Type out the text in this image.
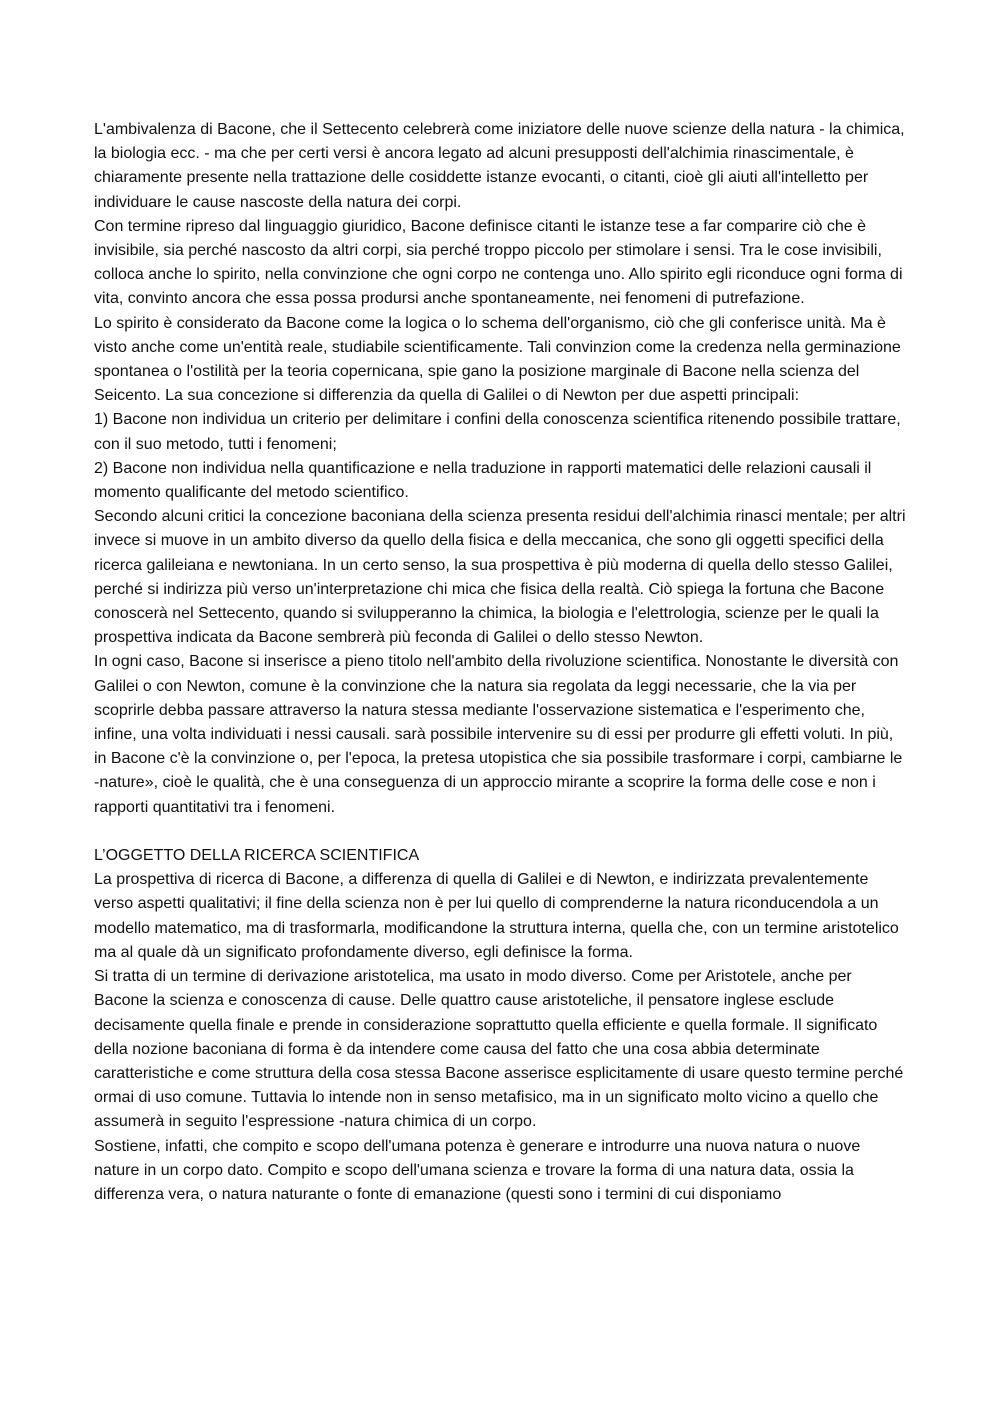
L'ambivalenza di Bacone, che il Settecento celebrerà come iniziatore delle nuove scienze della natura - la chimica, la biologia ecc. - ma che per certi versi è ancora legato ad alcuni presupposti dell'alchimia rinascimentale, è chiaramente presente nella trattazione delle cosiddette istanze evocanti, o citanti, cioè gli aiuti all'intelletto per individuare le cause nascoste della natura dei corpi.

Con termine ripreso dal linguaggio giuridico, Bacone definisce citanti le istanze tese a far comparire ciò che è invisibile, sia perché nascosto da altri corpi, sia perché troppo piccolo per stimolare i sensi. Tra le cose invisibili, colloca anche lo spirito, nella convinzione che ogni corpo ne contenga uno. Allo spirito egli riconduce ogni forma di vita, convinto ancora che essa possa prodursi anche spontaneamente, nei fenomeni di putrefazione.

Lo spirito è considerato da Bacone come la logica o lo schema dell'organismo, ciò che gli conferisce unità. Ma è visto anche come un'entità reale, studiabile scientificamente. Tali convinzion come la credenza nella germinazione spontanea o l'ostilità per la teoria copernicana, spie gano la posizione marginale di Bacone nella scienza del Seicento. La sua concezione si differenzia da quella di Galilei o di Newton per due aspetti principali:

1) Bacone non individua un criterio per delimitare i confini della conoscenza scientifica ritenendo possibile trattare, con il suo metodo, tutti i fenomeni;

2) Bacone non individua nella quantificazione e nella traduzione in rapporti matematici delle relazioni causali il momento qualificante del metodo scientifico.

Secondo alcuni critici la concezione baconiana della scienza presenta residui dell'alchimia rinasci mentale; per altri invece si muove in un ambito diverso da quello della fisica e della meccanica, che sono gli oggetti specifici della ricerca galileiana e newtoniana. In un certo senso, la sua prospettiva è più moderna di quella dello stesso Galilei, perché si indirizza più verso un'interpretazione chi mica che fisica della realtà. Ciò spiega la fortuna che Bacone conoscerà nel Settecento, quando si svilupperanno la chimica, la biologia e l'elettrologia, scienze per le quali la prospettiva indicata da Bacone sembrerà più feconda di Galilei o dello stesso Newton.

In ogni caso, Bacone si inserisce a pieno titolo nell'ambito della rivoluzione scientifica. Nonostante le diversità con Galilei o con Newton, comune è la convinzione che la natura sia regolata da leggi necessarie, che la via per scoprirle debba passare attraverso la natura stessa mediante l'osservazione sistematica e l'esperimento che, infine, una volta individuati i nessi causali. sarà possibile intervenire su di essi per produrre gli effetti voluti. In più, in Bacone c'è la convinzione o, per l'epoca, la pretesa utopistica che sia possibile trasformare i corpi, cambiarne le -nature», cioè le qualità, che è una conseguenza di un approccio mirante a scoprire la forma delle cose e non i rapporti quantitativi tra i fenomeni.

L’OGGETTO DELLA RICERCA SCIENTIFICA

La prospettiva di ricerca di Bacone, a differenza di quella di Galilei e di Newton, e indirizzata prevalentemente verso aspetti qualitativi; il fine della scienza non è per lui quello di comprenderne la natura riconducendola a un modello matematico, ma di trasformarla, modificandone la struttura interna, quella che, con un termine aristotelico ma al quale dà un significato profondamente diverso, egli definisce la forma.

Si tratta di un termine di derivazione aristotelica, ma usato in modo diverso. Come per Aristotele, anche per Bacone la scienza e conoscenza di cause. Delle quattro cause aristoteliche, il pensatore inglese esclude decisamente quella finale e prende in considerazione soprattutto quella efficiente e quella formale. Il significato della nozione baconiana di forma è da intendere come causa del fatto che una cosa abbia determinate caratteristiche e come struttura della cosa stessa Bacone asserisce esplicitamente di usare questo termine perché ormai di uso comune. Tuttavia lo intende non in senso metafisico, ma in un significato molto vicino a quello che assumerà in seguito l'espressione -natura chimica di un corpo.

Sostiene, infatti, che compito e scopo dell'umana potenza è generare e introdurre una nuova natura o nuove nature in un corpo dato. Compito e scopo dell'umana scienza e trovare la forma di una natura data, ossia la differenza vera, o natura naturante o fonte di emanazione (questi sono i termini di cui disponiamo
